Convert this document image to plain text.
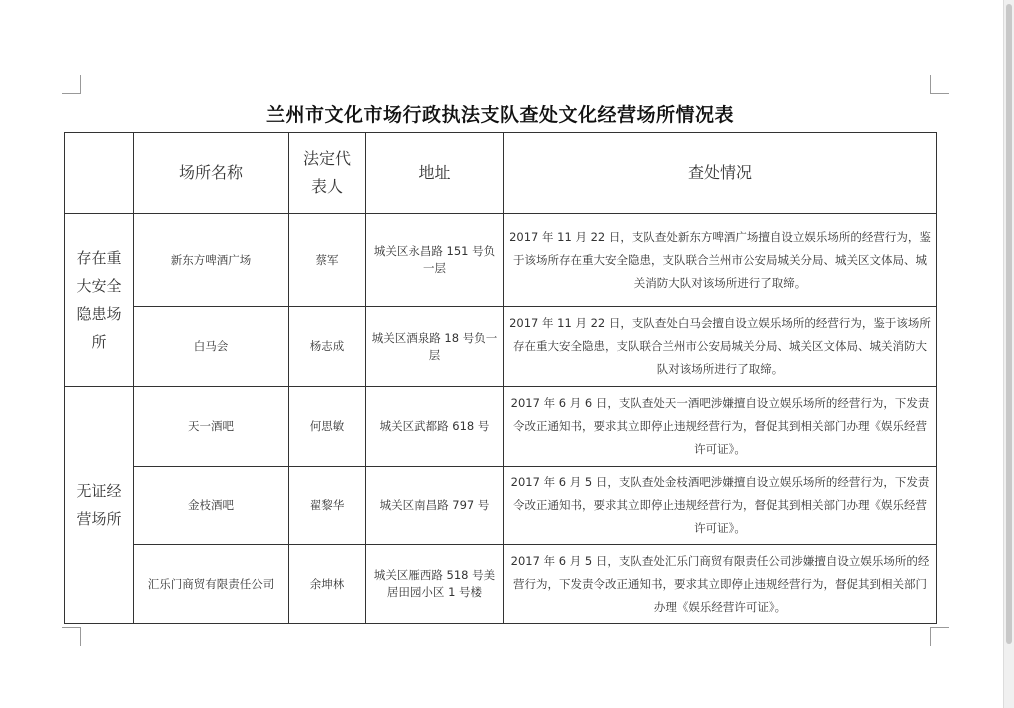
兰州市文化市场行政执法支队查处文化经营场所情况表
	场所名称	法定代表人	地址	查处情况
存在重大安全隐患场所	新东方啤酒广场	蔡军	城关区永昌路 151 号负一层	2017 年 11 月 22 日，支队查处新东方啤酒广场擅自设立娱乐场所的经营行为，鉴于该场所存在重大安全隐患，支队联合兰州市公安局城关分局、城关区文体局、城关消防大队对该场所进行了取缔。
	白马会	杨志成	城关区酒泉路 18 号负一层	2017 年 11 月 22 日，支队查处白马会擅自设立娱乐场所的经营行为，鉴于该场所存在重大安全隐患，支队联合兰州市公安局城关分局、城关区文体局、城关消防大队对该场所进行了取缔。
无证经营场所	天一酒吧	何思敏	城关区武都路 618 号	2017 年 6 月 6 日，支队查处天一酒吧涉嫌擅自设立娱乐场所的经营行为，下发责令改正通知书，要求其立即停止违规经营行为，督促其到相关部门办理《娱乐经营许可证》。
	金枝酒吧	翟黎华	城关区南昌路 797 号	2017 年 6 月 5 日，支队查处金枝酒吧涉嫌擅自设立娱乐场所的经营行为，下发责令改正通知书，要求其立即停止违规经营行为，督促其到相关部门办理《娱乐经营许可证》。
	汇乐门商贸有限责任公司	余坤林	城关区雁西路 518 号美居田园小区 1 号楼	2017 年 6 月 5 日，支队查处汇乐门商贸有限责任公司涉嫌擅自设立娱乐场所的经营行为，下发责令改正通知书，要求其立即停止违规经营行为，督促其到相关部门办理《娱乐经营许可证》。
